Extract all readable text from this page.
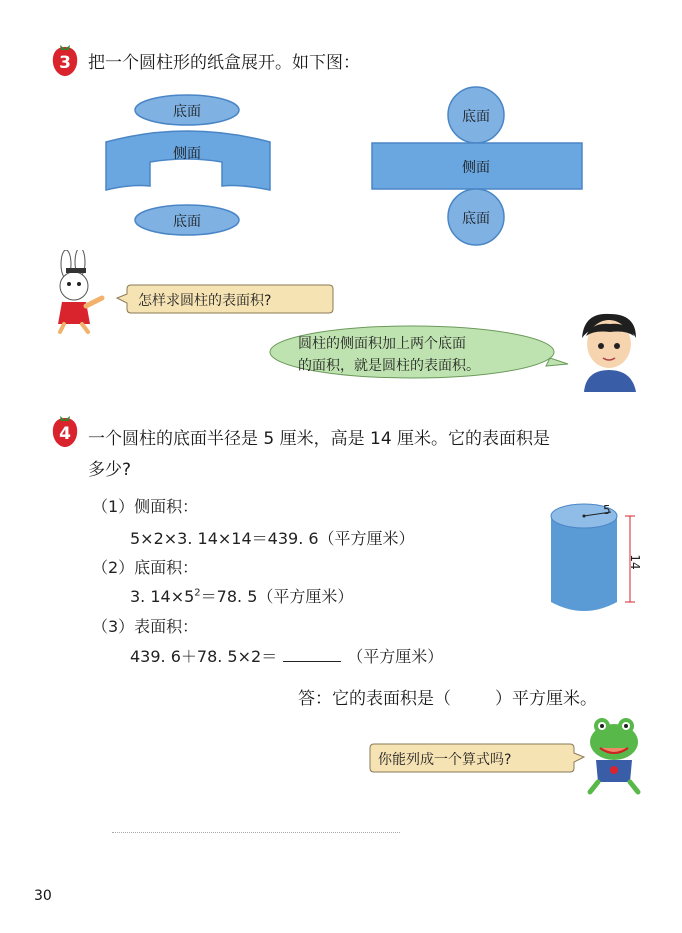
3 把一个圆柱形的纸盒展开。如下图：
底面
侧面
底面
底面
侧面
底面
怎样求圆柱的表面积?
圆柱的侧面积加上两个底面
的面积，就是圆柱的表面积。
4 一个圆柱的底面半径是 5 厘米，高是 14 厘米。它的表面积是
多少?
（1）侧面积：
5×2×3. 14×14＝439. 6（平方厘米）
（2）底面积：
3. $14\times 5^2=78$. 5（平方厘米）
（3）表面积：
439. 6＋78. 5×2＝	（平方厘米）
答：它的表面积是（	）平方厘米。
5
14
你能列成一个算式吗?
30
